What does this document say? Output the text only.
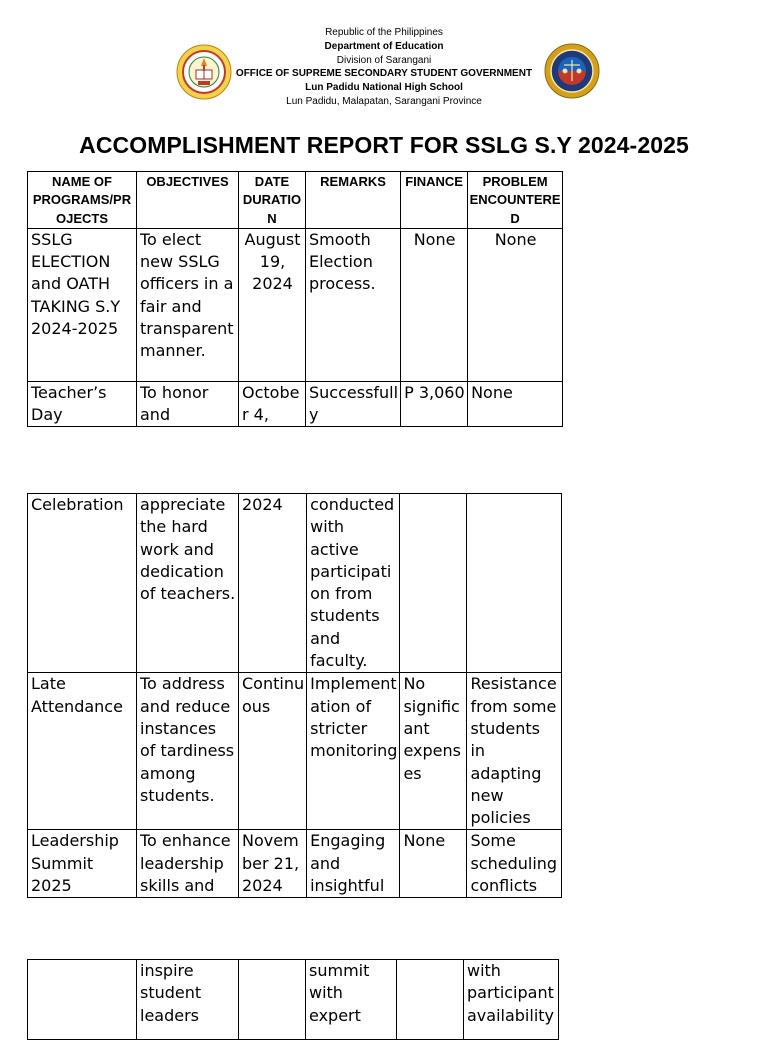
Republic of the Philippines
Department of Education
Division of Sarangani
OFFICE OF SUPREME SECONDARY STUDENT GOVERNMENT
Lun Padidu National High School
Lun Padidu, Malapatan, Sarangani Province
ACCOMPLISHMENT REPORT FOR SSLG S.Y 2024-2025
NAME OF PROGRAMS/PR OJECTS	OBJECTIVES	DATE DURATIO N	REMARKS	FINANCE	PROBLEM ENCOUNTERE D
SSLG ELECTION and OATH TAKING S.Y 2024-2025	To elect new SSLG officers in a fair and transparent manner.	August 19, 2024	Smooth Election process.	None	None
Teacher’s Day	To honor and	Octobe r 4,	Successfull y	P 3,060	None
Celebration	appreciate the hard work and dedication of teachers.	2024	conducted with active participati on from students and faculty.		
Late Attendance	To address and reduce instances of tardiness among students.	Continu ous	Implement ation of stricter monitoring	No signific ant expens es	Resistance from some students in adapting new policies
Leadership Summit 2025	To enhance leadership skills and	Novem ber 21, 2024	Engaging and insightful	None	Some scheduling conflicts
	inspire student leaders		summit with expert		with participant availability
